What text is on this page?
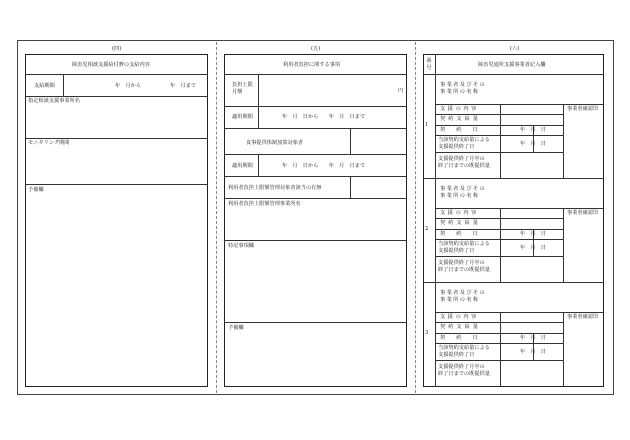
(四)
障害児相談支援給付費の支給内容
支給期間	年　月から	年　月まで
指定相談支援事業所名
モニタリング期間
予備欄
(五)
利用者負担に関する事項
負担上限
月額	円
適用期間	年　月　日から　　年　月　日まで
食事提供体制加算対象者
適用期間	年　月　日から　　年　月　日まで
利用者負担上限額管理対象者該当の有無
利用者負担上限額管理事業所名
特記事項欄
予備欄
(六)
番号	障害児通所支援事業者記入欄
1
事業者及びその
事業所の名称
支援の内容	事業者確認印
契約支給量
契約日	年　月　日
当該契約支給量による
支援提供終了日	年　月　日
支援提供終了月中の
終了日までの既提供量
2
事業者及びその
事業所の名称
支援の内容	事業者確認印
契約支給量
契約日	年　月　日
当該契約支給量による
支援提供終了日	年　月　日
支援提供終了月中の
終了日までの既提供量
3
事業者及びその
事業所の名称
支援の内容	事業者確認印
契約支給量
契約日	年　月　日
当該契約支給量による
支援提供終了日	年　月　日
支援提供終了月中の
終了日までの既提供量
